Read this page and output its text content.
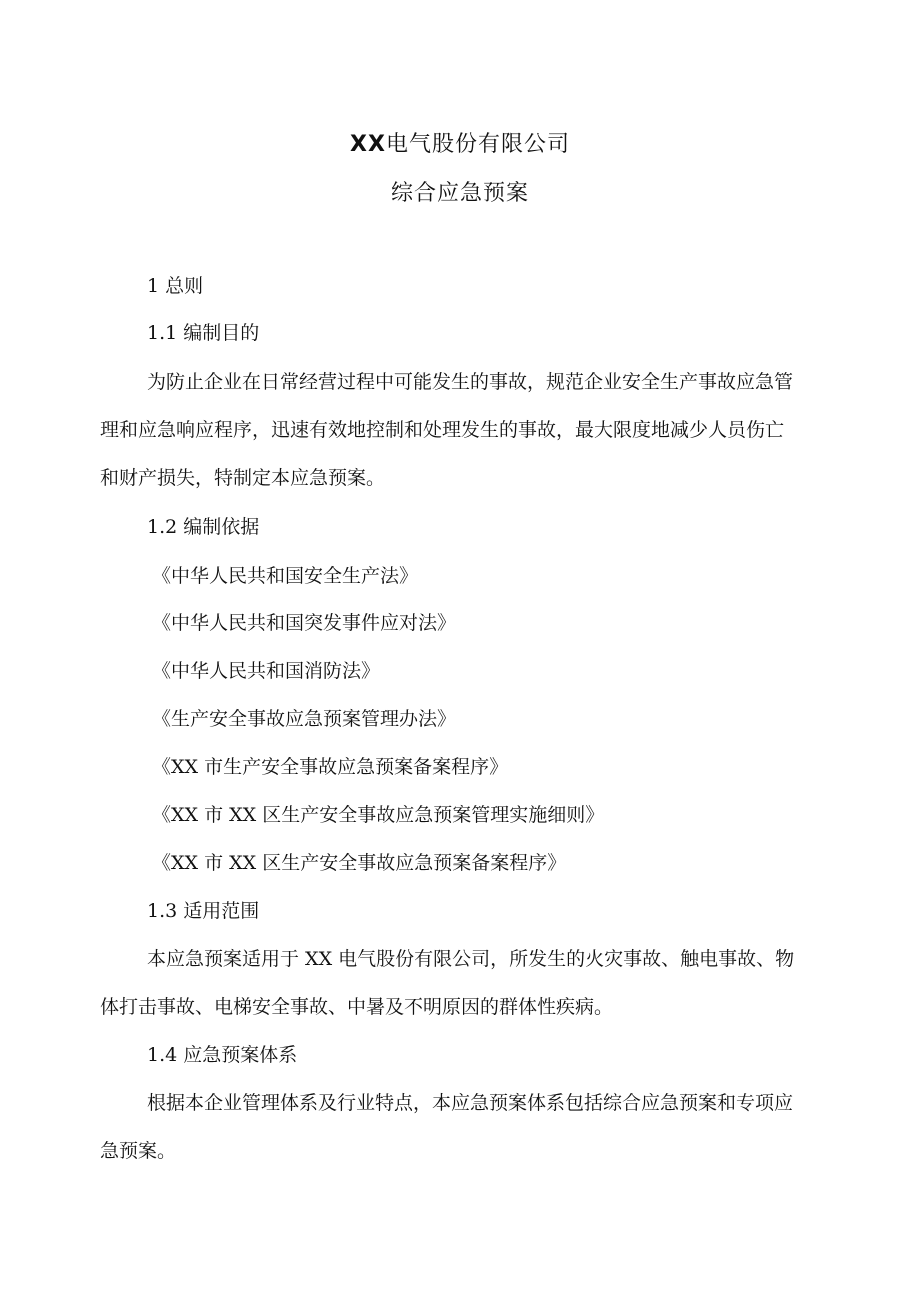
XX电气股份有限公司
综合应急预案
1 总则
1.1 编制目的
为防止企业在日常经营过程中可能发生的事故，规范企业安全生产事故应急管
理和应急响应程序，迅速有效地控制和处理发生的事故，最大限度地减少人员伤亡
和财产损失，特制定本应急预案。
1.2 编制依据
《中华人民共和国安全生产法》
《中华人民共和国突发事件应对法》
《中华人民共和国消防法》
《生产安全事故应急预案管理办法》
《XX 市生产安全事故应急预案备案程序》
《XX 市 XX 区生产安全事故应急预案管理实施细则》
《XX 市 XX 区生产安全事故应急预案备案程序》
1.3 适用范围
本应急预案适用于 XX 电气股份有限公司，所发生的火灾事故、触电事故、物
体打击事故、电梯安全事故、中暑及不明原因的群体性疾病。
1.4 应急预案体系
根据本企业管理体系及行业特点，本应急预案体系包括综合应急预案和专项应
急预案。
